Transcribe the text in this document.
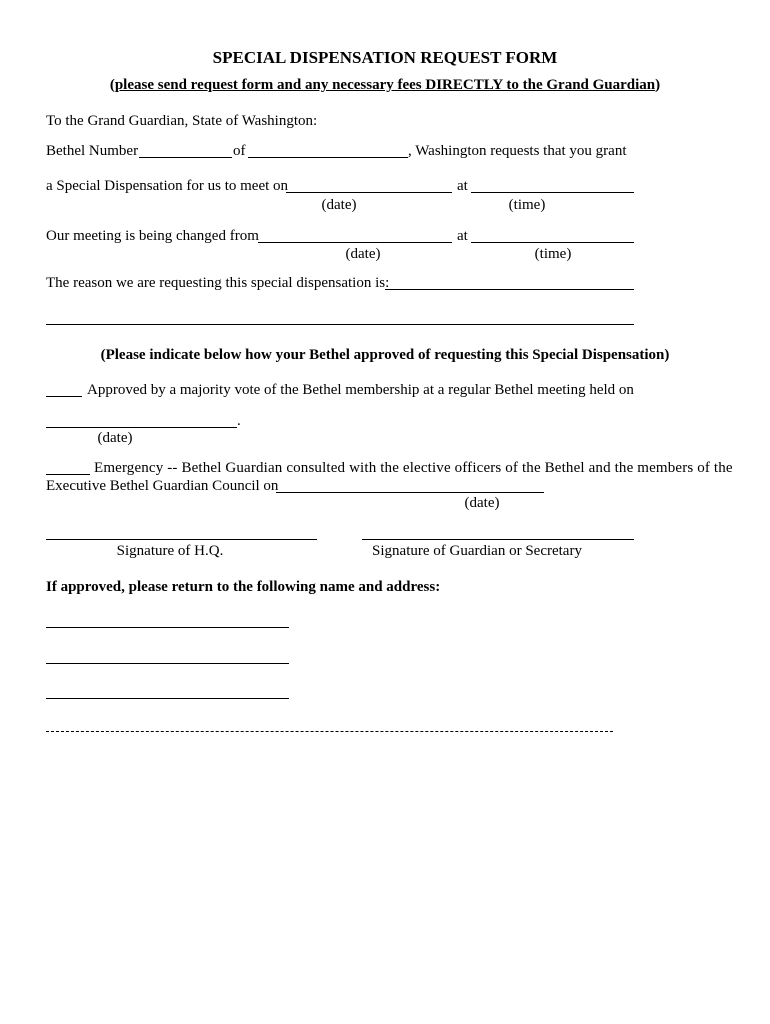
SPECIAL DISPENSATION REQUEST FORM
(please send request form and any necessary fees DIRECTLY to the Grand Guardian)
To the Grand Guardian, State of Washington:
Bethel Number	of	, Washington requests that you grant
a Special Dispensation for us to meet on	at
(date)	(time)
Our meeting is being changed from	at
(date)	(time)
The reason we are requesting this special dispensation is:
(Please indicate below how your Bethel approved of requesting this Special Dispensation)
Approved by a majority vote of the Bethel membership at a regular Bethel meeting held on
.
(date)
Emergency -- Bethel Guardian consulted with the elective officers of the Bethel and the members of the
Executive Bethel Guardian Council on
(date)
Signature of H.Q.	Signature of Guardian or Secretary
If approved, please return to the following name and address:
